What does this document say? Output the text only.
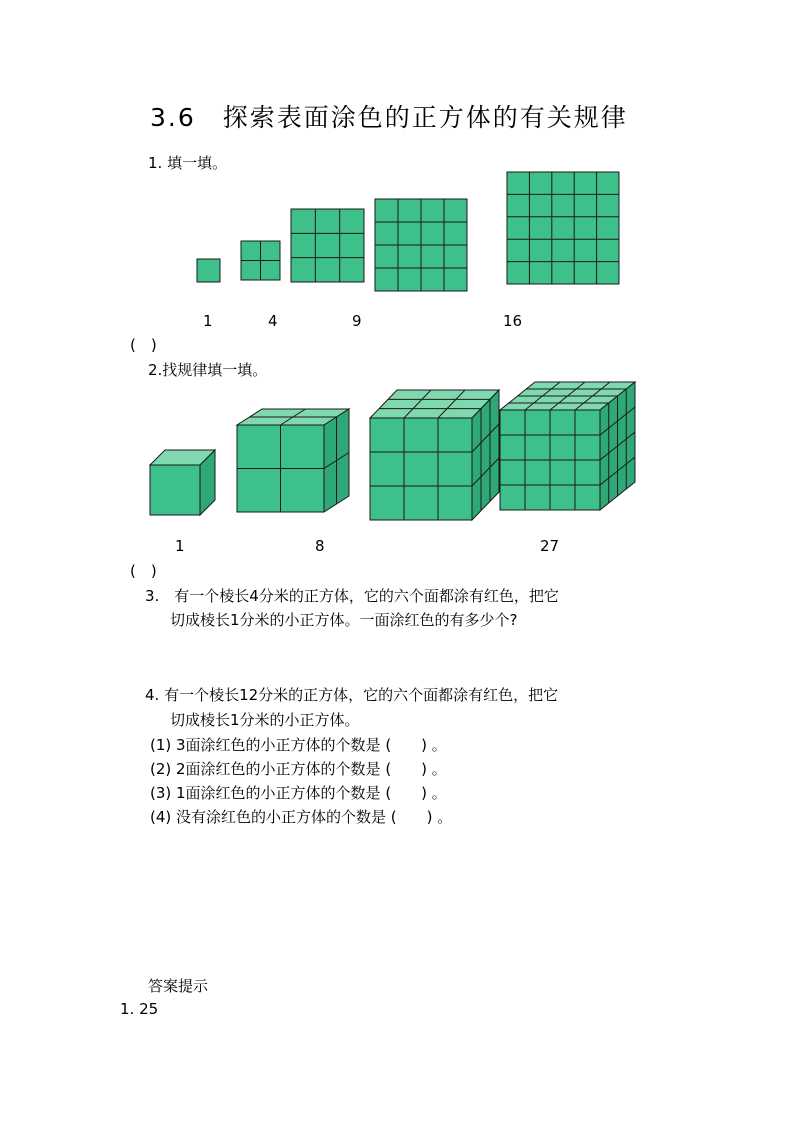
3.6　探索表面涂色的正方体的有关规律
1. 填一填。
1	4	9	16
(　)
2.找规律填一填。
1	8	27
(　)
3.　有一个棱长4分米的正方体，它的六个面都涂有红色，把它
切成棱长1分米的小正方体。一面涂红色的有多少个?
4. 有一个棱长12分米的正方体，它的六个面都涂有红色，把它
切成棱长1分米的小正方体。
(1) 3面涂红色的小正方体的个数是 (　　) 。
(2) 2面涂红色的小正方体的个数是 (　　) 。
(3) 1面涂红色的小正方体的个数是 (　　) 。
(4) 没有涂红色的小正方体的个数是 (　　) 。
答案提示
1. 25
